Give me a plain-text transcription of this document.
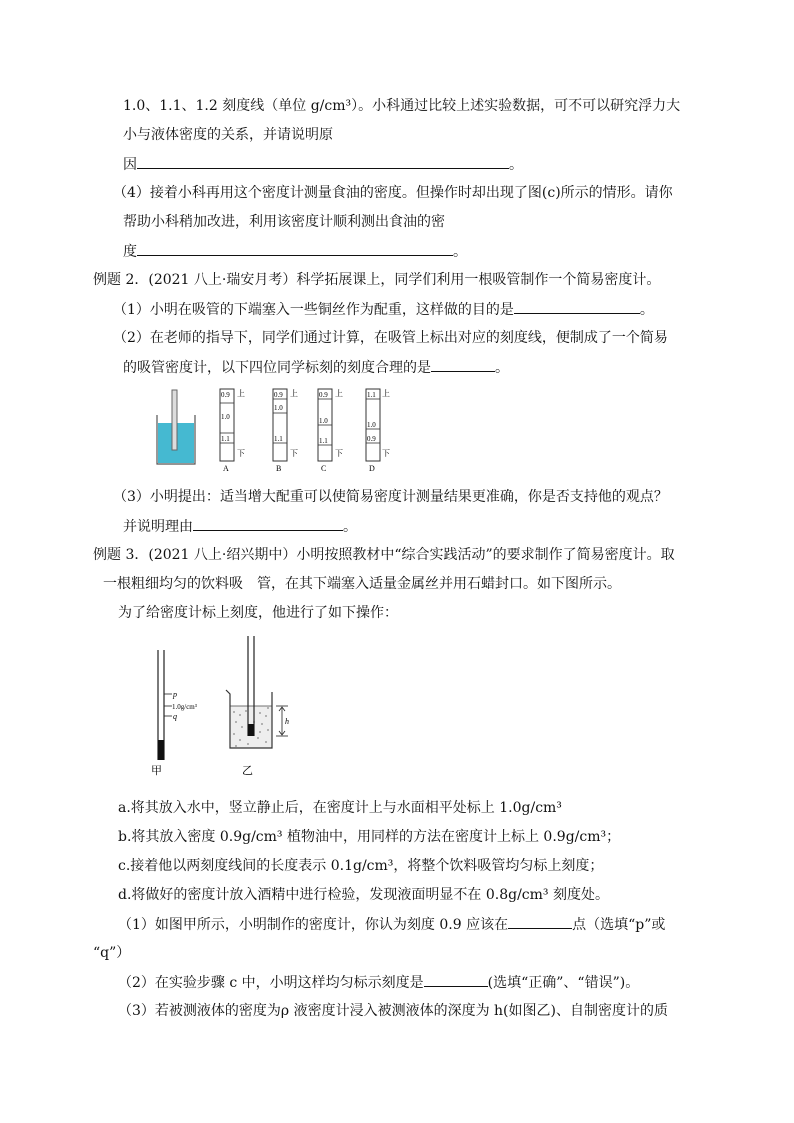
1.0、1.1、1.2 刻度线（单位 g/cm³）。小科通过比较上述实验数据，可不可以研究浮力大
小与液体密度的关系，并请说明原
因	。
（4）接着小科再用这个密度计测量食油的密度。但操作时却出现了图(c)所示的情形。请你
帮助小科稍加改进，利用该密度计顺利测出食油的密
度	。
例题 2．(2021 八上·瑞安月考）科学拓展课上，同学们利用一根吸管制作一个简易密度计。
（1）小明在吸管的下端塞入一些铜丝作为配重，这样做的目的是	。
（2）在老师的指导下，同学们通过计算，在吸管上标出对应的刻度线，便制成了一个简易
的吸管密度计，以下四位同学标刻的刻度合理的是	。
0.9
1.0
1.1
上
下
A
0.9
1.0
1.1
上
下
B
0.9
1.0
1.1
上
下
C
1.1
1.0
0.9
上
下
D
（3）小明提出：适当增大配重可以使简易密度计测量结果更准确，你是否支持他的观点？
并说明理由	。
例题 3．(2021 八上·绍兴期中）小明按照教材中“综合实践活动”的要求制作了简易密度计。取
一根粗细均匀的饮料吸　管，在其下端塞入适量金属丝并用石蜡封口。如下图所示。
为了给密度计标上刻度，他进行了如下操作：
p
1.0g/cm³
q
甲
h
乙
a.将其放入水中，竖立静止后，在密度计上与水面相平处标上 1.0g/cm³
b.将其放入密度 0.9g/cm³ 植物油中，用同样的方法在密度计上标上 0.9g/cm³；
c.接着他以两刻度线间的长度表示 0.1g/cm³，将整个饮料吸管均匀标上刻度；
d.将做好的密度计放入酒精中进行检验，发现液面明显不在 0.8g/cm³ 刻度处。
（1）如图甲所示，小明制作的密度计，你认为刻度 0.9 应该在	点（选填“p”或
“q”）
（2）在实验步骤 c 中，小明这样均匀标示刻度是	(选填“正确”、“错误”)。
（3）若被测液体的密度为ρ 液密度计浸入被测液体的深度为 h(如图乙)、自制密度计的质
